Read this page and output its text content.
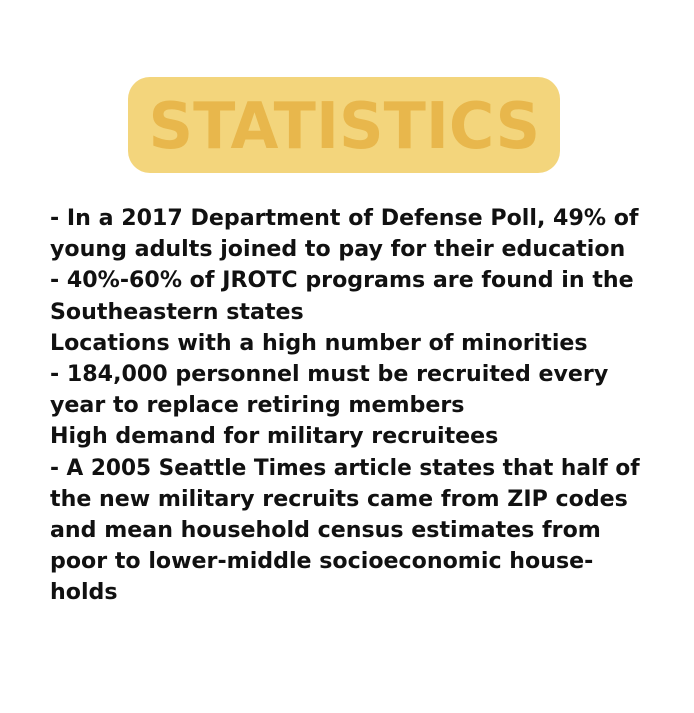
STATISTICS
- In a 2017 Department of Defense Poll, 49% of
young adults joined to pay for their education
- 40%-60% of JROTC programs are found in the
Southeastern states
Locations with a high number of minorities
- 184,000 personnel must be recruited every
year to replace retiring members
High demand for military recruitees
- A 2005 Seattle Times article states that half of
the new military recruits came from ZIP codes
and mean household census estimates from
poor to lower-middle socioeconomic house-
holds
